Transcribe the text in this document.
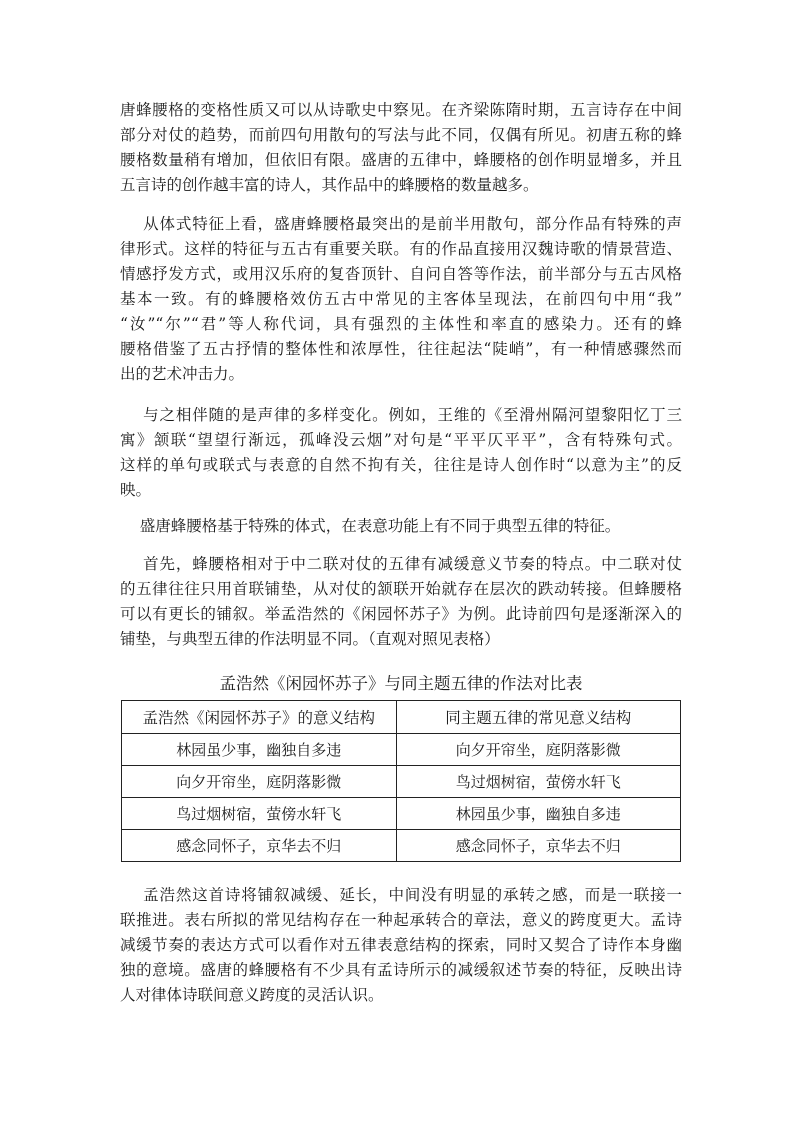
唐蜂腰格的变格性质又可以从诗歌史中察见。在齐梁陈隋时期，五言诗存在中间
部分对仗的趋势，而前四句用散句的写法与此不同，仅偶有所见。初唐五称的蜂
腰格数量稍有增加，但依旧有限。盛唐的五律中，蜂腰格的创作明显增多，并且
五言诗的创作越丰富的诗人，其作品中的蜂腰格的数量越多。
从体式特征上看，盛唐蜂腰格最突出的是前半用散句，部分作品有特殊的声
律形式。这样的特征与五古有重要关联。有的作品直接用汉魏诗歌的情景营造、
情感抒发方式，或用汉乐府的复沓顶针、自问自答等作法，前半部分与五古风格
基本一致。有的蜂腰格效仿五古中常见的主客体呈现法，在前四句中用“我”
“汝”“尔”“君”等人称代词，具有强烈的主体性和率直的感染力。还有的蜂
腰格借鉴了五古抒情的整体性和浓厚性，往往起法“陡峭”，有一种情感骤然而
出的艺术冲击力。
与之相伴随的是声律的多样变化。例如，王维的《至滑州隔河望黎阳忆丁三
寓》颔联“望望行渐远，孤峰没云烟”对句是“平平仄平平”，含有特殊句式。
这样的单句或联式与表意的自然不拘有关，往往是诗人创作时“以意为主”的反
映。
盛唐蜂腰格基于特殊的体式，在表意功能上有不同于典型五律的特征。
首先，蜂腰格相对于中二联对仗的五律有减缓意义节奏的特点。中二联对仗
的五律往往只用首联铺垫，从对仗的颔联开始就存在层次的跌动转接。但蜂腰格
可以有更长的铺叙。举孟浩然的《闲园怀苏子》为例。此诗前四句是逐渐深入的
铺垫，与典型五律的作法明显不同。（直观对照见表格）
孟浩然《闲园怀苏子》与同主题五律的作法对比表
孟浩然《闲园怀苏子》的意义结构	同主题五律的常见意义结构
林园虽少事，幽独自多违	向夕开帘坐，庭阴落影微
向夕开帘坐，庭阴落影微	鸟过烟树宿，萤傍水轩飞
鸟过烟树宿，萤傍水轩飞	林园虽少事，幽独自多违
感念同怀子，京华去不归	感念同怀子，京华去不归
孟浩然这首诗将铺叙减缓、延长，中间没有明显的承转之感，而是一联接一
联推进。表右所拟的常见结构存在一种起承转合的章法，意义的跨度更大。孟诗
减缓节奏的表达方式可以看作对五律表意结构的探索，同时又契合了诗作本身幽
独的意境。盛唐的蜂腰格有不少具有孟诗所示的减缓叙述节奏的特征，反映出诗
人对律体诗联间意义跨度的灵活认识。
